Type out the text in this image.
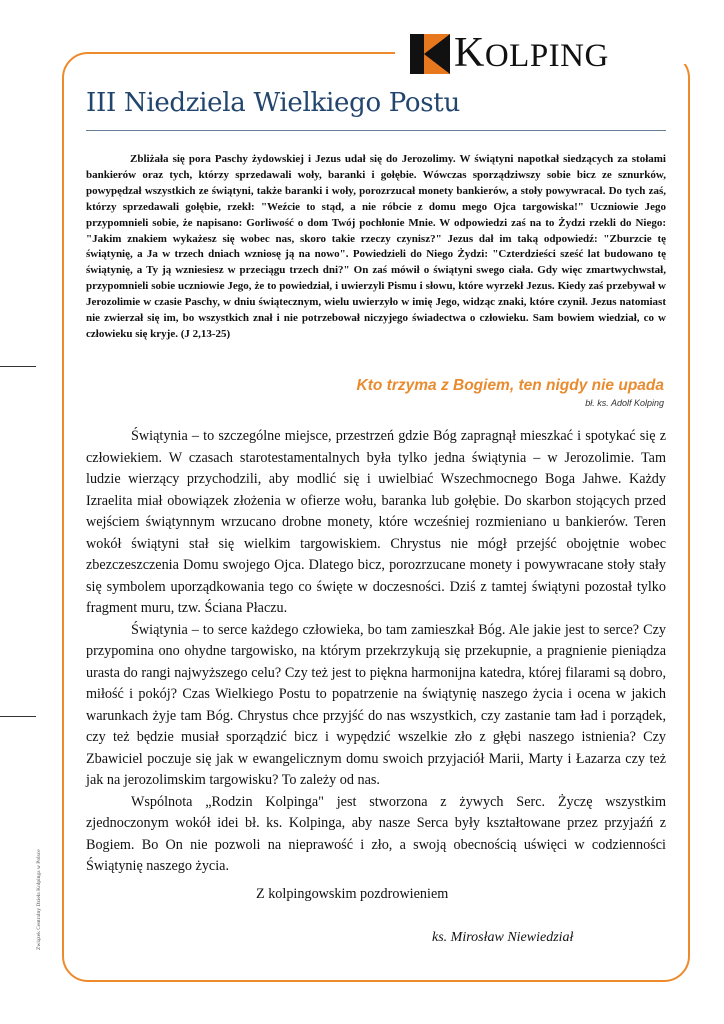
KOLPING
III Niedziela Wielkiego Postu

Zbliżała się pora Paschy żydowskiej i Jezus udał się do Jerozolimy. W świątyni napotkał siedzących za stołami bankierów oraz tych, którzy sprzedawali woły, baranki i gołębie. Wówczas sporządziwszy sobie bicz ze sznurków, powypędzał wszystkich ze świątyni, także baranki i woły, porozrzucał monety bankierów, a stoły powywracał. Do tych zaś, którzy sprzedawali gołębie, rzekł: "Weźcie to stąd, a nie róbcie z domu mego Ojca targowiska!" Uczniowie Jego przypomnieli sobie, że napisano: Gorliwość o dom Twój pochłonie Mnie. W odpowiedzi zaś na to Żydzi rzekli do Niego: "Jakim znakiem wykażesz się wobec nas, skoro takie rzeczy czynisz?" Jezus dał im taką odpowiedź: "Zburzcie tę świątynię, a Ja w trzech dniach wzniosę ją na nowo". Powiedzieli do Niego Żydzi: "Czterdzieści sześć lat budowano tę świątynię, a Ty ją wzniesiesz w przeciągu trzech dni?" On zaś mówił o świątyni swego ciała. Gdy więc zmartwychwstał, przypomnieli sobie uczniowie Jego, że to powiedział, i uwierzyli Pismu i słowu, które wyrzekł Jezus. Kiedy zaś przebywał w Jerozolimie w czasie Paschy, w dniu świątecznym, wielu uwierzyło w imię Jego, widząc znaki, które czynił. Jezus natomiast nie zwierzał się im, bo wszystkich znał i nie potrzebował niczyjego świadectwa o człowieku. Sam bowiem wiedział, co w człowieku się kryje. (J 2,13-25)

Kto trzyma z Bogiem, ten nigdy nie upada

bł. ks. Adolf Kolping

Świątynia – to szczególne miejsce, przestrzeń gdzie Bóg zapragnął mieszkać i spotykać się z człowiekiem. W czasach starotestamentalnych była tylko jedna świątynia – w Jerozolimie. Tam ludzie wierzący przychodzili, aby modlić się i uwielbiać Wszechmocnego Boga Jahwe. Każdy Izraelita miał obowiązek złożenia w ofierze wołu, baranka lub gołębie. Do skarbon stojących przed wejściem świątynnym wrzucano drobne monety, które wcześniej rozmieniano u bankierów. Teren wokół świątyni stał się wielkim targowiskiem. Chrystus nie mógł przejść obojętnie wobec zbezczeszczenia Domu swojego Ojca. Dlatego bicz, porozrzucane monety i powywracane stoły stały się symbolem uporządkowania tego co święte w doczesności. Dziś z tamtej świątyni pozostał tylko fragment muru, tzw. Ściana Płaczu.

Świątynia – to serce każdego człowieka, bo tam zamieszkał Bóg. Ale jakie jest to serce? Czy przypomina ono ohydne targowisko, na którym przekrzykują się przekupnie, a pragnienie pieniądza urasta do rangi najwyższego celu? Czy też jest to piękna harmonijna katedra, której filarami są dobro, miłość i pokój? Czas Wielkiego Postu to popatrzenie na świątynię naszego życia i ocena w jakich warunkach żyje tam Bóg. Chrystus chce przyjść do nas wszystkich, czy zastanie tam ład i porządek, czy też będzie musiał sporządzić bicz i wypędzić wszelkie zło z głębi naszego istnienia? Czy Zbawiciel poczuje się jak w ewangelicznym domu swoich przyjaciół Marii, Marty i Łazarza czy też jak na jerozolimskim targowisku? To zależy od nas.

Wspólnota „Rodzin Kolpinga" jest stworzona z żywych Serc. Życzę wszystkim zjednoczonym wokół idei bł. ks. Kolpinga, aby nasze Serca były kształtowane przez przyjaźń z Bogiem. Bo On nie pozwoli na nieprawość i zło, a swoją obecnością uświęci w codzienności Świątynię naszego życia.

Z kolpingowskim pozdrowieniem

ks. Mirosław Niewiedział

Związek Centralny Dzieła Kolpinga w Polsce
